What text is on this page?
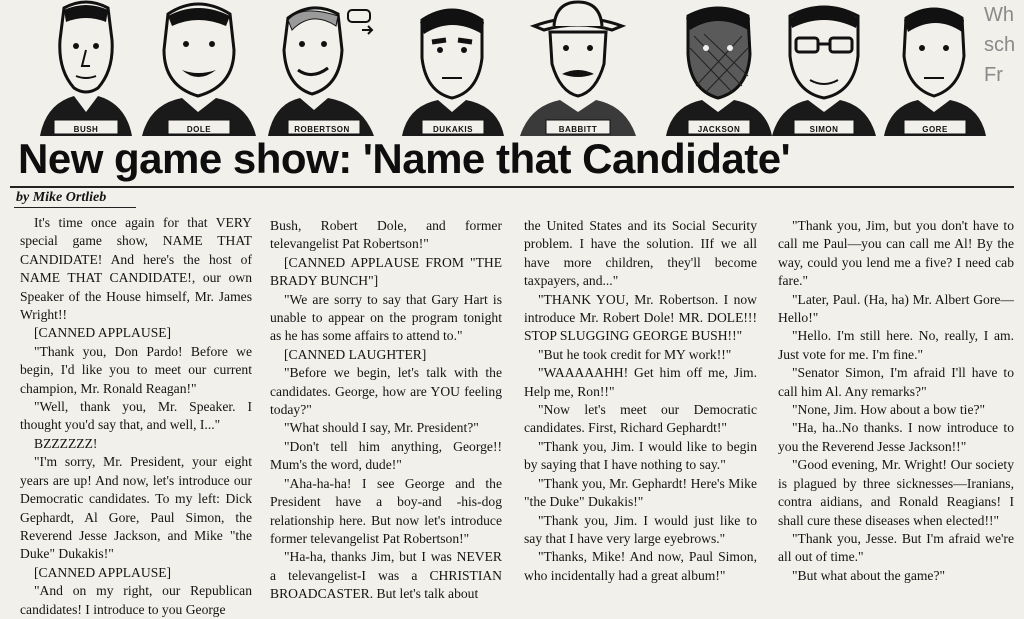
BUSH	DOLE	ROBERTSON	DUKAKIS	BABBITT	JACKSON	SIMON	GORE
Wh
sch
Fr
New game show: 'Name that Candidate'
by Mike Ortlieb

It's time once again for that VERY special game show, NAME THAT CANDIDATE! And here's the host of NAME THAT CANDIDATE!, our own Speaker of the House himself, Mr. James Wright!!

[CANNED APPLAUSE]

"Thank you, Don Pardo! Before we begin, I'd like you to meet our current champion, Mr. Ronald Reagan!"

"Well, thank you, Mr. Speaker. I thought you'd say that, and well, I..."

BZZZZZZ!

"I'm sorry, Mr. President, your eight years are up! And now, let's introduce our Democratic candidates. To my left: Dick Gephardt, Al Gore, Paul Simon, the Reverend Jesse Jackson, and Mike "the Duke" Dukakis!"

[CANNED APPLAUSE]

"And on my right, our Republican candidates! I introduce to you George

Bush, Robert Dole, and former televangelist Pat Robertson!"

[CANNED APPLAUSE FROM "THE BRADY BUNCH"]

"We are sorry to say that Gary Hart is unable to appear on the program tonight as he has some affairs to attend to."

[CANNED LAUGHTER]

"Before we begin, let's talk with the candidates. George, how are YOU feeling today?"

"What should I say, Mr. President?"

"Don't tell him anything, George!! Mum's the word, dude!"

"Aha-ha-ha! I see George and the President have a boy-and -his-dog relationship here. But now let's introduce former televangelist Pat Robertson!"

"Ha-ha, thanks Jim, but I was NEVER a televangelist-I was a CHRISTIAN BROADCASTER. But let's talk about

the United States and its Social Security problem. I have the solution. IIf we all have more children, they'll become taxpayers, and..."

"THANK YOU, Mr. Robertson. I now introduce Mr. Robert Dole! MR. DOLE!!! STOP SLUGGING GEORGE BUSH!!"

"But he took credit for MY work!!"

"WAAAAAHH! Get him off me, Jim. Help me, Ron!!"

"Now let's meet our Democratic candidates. First, Richard Gephardt!"

"Thank you, Jim. I would like to begin by saying that I have nothing to say."

"Thank you, Mr. Gephardt! Here's Mike "the Duke" Dukakis!"

"Thank you, Jim. I would just like to say that I have very large eyebrows."

"Thanks, Mike! And now, Paul Simon, who incidentally had a great album!"

"Thank you, Jim, but you don't have to call me Paul—you can call me Al! By the way, could you lend me a five? I need cab fare."

"Later, Paul. (Ha, ha) Mr. Albert Gore—Hello!"

"Hello. I'm still here. No, really, I am. Just vote for me. I'm fine."

"Senator Simon, I'm afraid I'll have to call him Al. Any remarks?"

"None, Jim. How about a bow tie?"

"Ha, ha..No thanks. I now introduce to you the Reverend Jesse Jackson!!"

"Good evening, Mr. Wright! Our society is plagued by three sicknesses—Iranians, contra aidians, and Ronald Reagians! I shall cure these diseases when elected!!"

"Thank you, Jesse. But I'm afraid we're all out of time."

"But what about the game?"
